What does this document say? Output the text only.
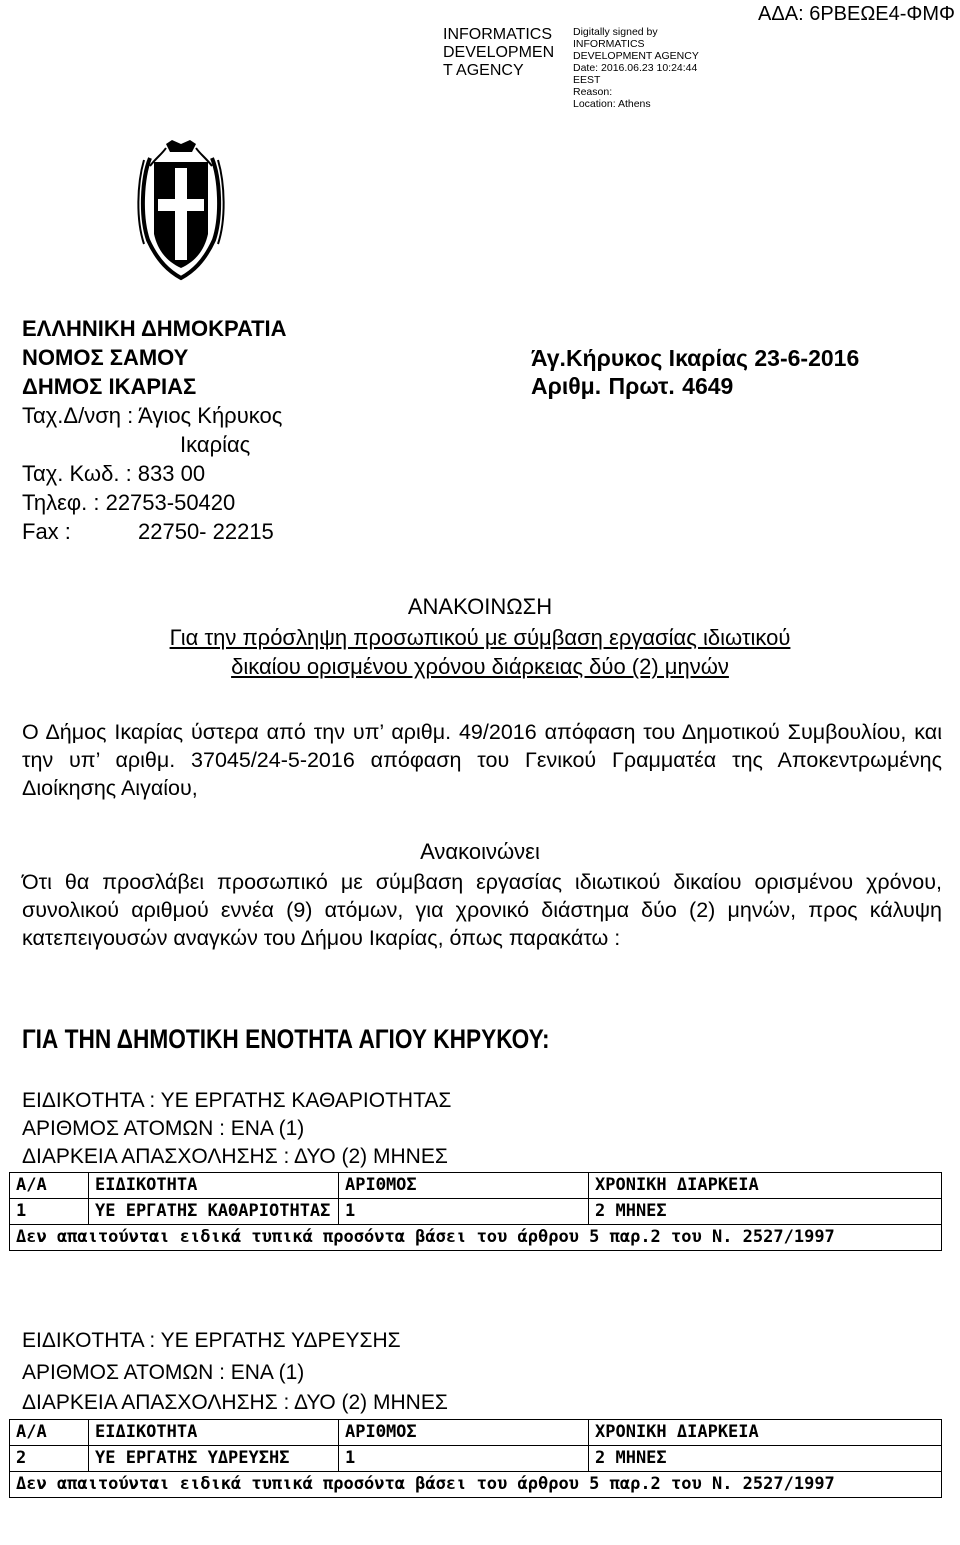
INFORMATICS
DEVELOPMEN
T AGENCY
Digitally signed by
INFORMATICS
DEVELOPMENT AGENCY
Date: 2016.06.23 10:24:44
EEST
Reason:
Location: Athens
ΑΔΑ: 6ΡΒΕΩΕ4-ΦΜΦ
ΕΛΛΗΝΙΚΗ ΔΗΜΟΚΡΑΤΙΑ
ΝΟΜΟΣ ΣΑΜΟΥ
ΔΗΜΟΣ ΙΚΑΡΙΑΣ
Ταχ.Δ/νση : Άγιος Κήρυκος
Ικαρίας
Ταχ. Κωδ. : 833 00
Τηλεφ. : 22753-50420
Fax :	22750- 22215
Άγ.Κήρυκος Ικαρίας 23-6-2016
Αριθμ. Πρωτ. 4649
ΑΝΑΚΟΙΝΩΣΗ
Για την πρόσληψη προσωπικού με σύμβαση εργασίας ιδιωτικού
δικαίου ορισμένου χρόνου διάρκειας δύο (2) μηνών
Ο Δήμος Ικαρίας ύστερα από την υπ’ αριθμ. 49/2016 απόφαση του Δημοτικού Συμβουλίου, και την υπ’ αριθμ. 37045/24-5-2016 απόφαση του Γενικού Γραμματέα της Αποκεντρωμένης Διοίκησης Αιγαίου,
Ανακοινώνει
Ότι θα προσλάβει προσωπικό με σύμβαση εργασίας ιδιωτικού δικαίου ορισμένου χρόνου, συνολικού αριθμού εννέα (9) ατόμων, για χρονικό διάστημα δύο (2) μηνών, προς κάλυψη κατεπειγουσών αναγκών του Δήμου Ικαρίας, όπως παρακάτω :
ΓΙΑ ΤΗΝ ΔΗΜΟΤΙΚΗ ΕΝΟΤΗΤΑ ΑΓΙΟΥ ΚΗΡΥΚΟΥ:
ΕΙΔΙΚΟΤΗΤΑ : ΥΕ ΕΡΓΑΤΗΣ ΚΑΘΑΡΙΟΤΗΤΑΣ
ΑΡΙΘΜΟΣ ΑΤΟΜΩΝ : ΕΝΑ (1)
ΔΙΑΡΚΕΙΑ ΑΠΑΣΧΟΛΗΣΗΣ : ΔΥΟ (2) ΜΗΝΕΣ
Α/Α	ΕΙΔΙΚΟΤΗΤΑ	ΑΡΙΘΜΟΣ	ΧΡΟΝΙΚΗ ΔΙΑΡΚΕΙΑ
1	ΥΕ ΕΡΓΑΤΗΣ ΚΑΘΑΡΙΟΤΗΤΑΣ	1	2 ΜΗΝΕΣ
Δεν απαιτούνται ειδικά τυπικά προσόντα βάσει του άρθρου 5 παρ.2 του Ν. 2527/1997			
ΕΙΔΙΚΟΤΗΤΑ : ΥΕ ΕΡΓΑΤΗΣ ΥΔΡΕΥΣΗΣ
ΑΡΙΘΜΟΣ ΑΤΟΜΩΝ : ΕΝΑ (1)
ΔΙΑΡΚΕΙΑ ΑΠΑΣΧΟΛΗΣΗΣ : ΔΥΟ (2) ΜΗΝΕΣ
Α/Α	ΕΙΔΙΚΟΤΗΤΑ	ΑΡΙΘΜΟΣ	ΧΡΟΝΙΚΗ ΔΙΑΡΚΕΙΑ
2	ΥΕ ΕΡΓΑΤΗΣ ΥΔΡΕΥΣΗΣ	1	2 ΜΗΝΕΣ
Δεν απαιτούνται ειδικά τυπικά προσόντα βάσει του άρθρου 5 παρ.2 του Ν. 2527/1997			
